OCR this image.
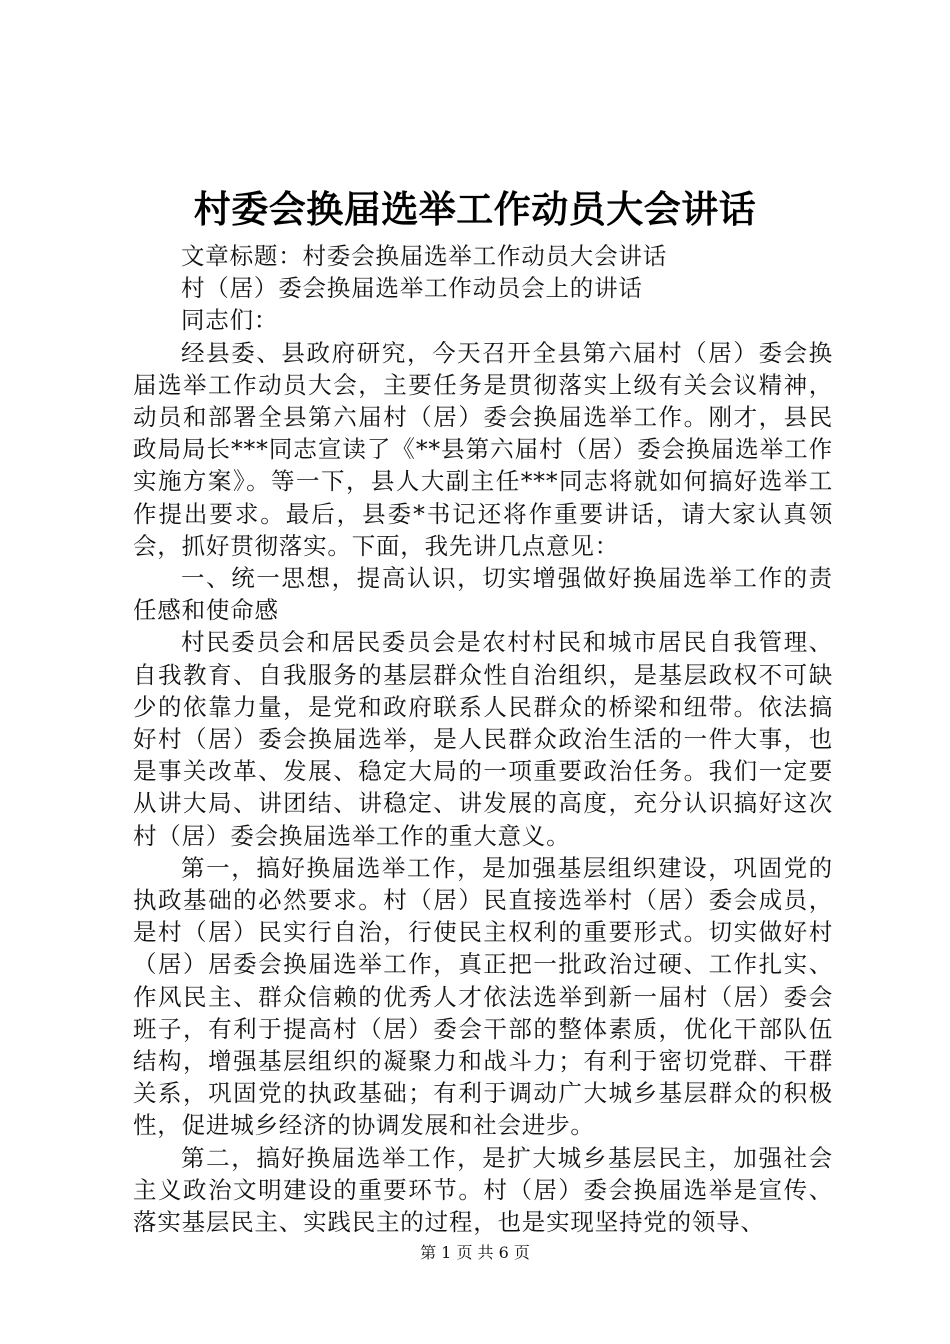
村委会换届选举工作动员大会讲话

文章标题：村委会换届选举工作动员大会讲话

村（居）委会换届选举工作动员会上的讲话

同志们：

经县委、县政府研究，今天召开全县第六届村（居）委会换届选举工作动员大会，主要任务是贯彻落实上级有关会议精神，动员和部署全县第六届村（居）委会换届选举工作。刚才，县民政局局长***同志宣读了《**县第六届村（居）委会换届选举工作实施方案》。等一下，县人大副主任***同志将就如何搞好选举工作提出要求。最后，县委*书记还将作重要讲话，请大家认真领会，抓好贯彻落实。下面，我先讲几点意见：

一、统一思想，提高认识，切实增强做好换届选举工作的责任感和使命感

村民委员会和居民委员会是农村村民和城市居民自我管理、自我教育、自我服务的基层群众性自治组织，是基层政权不可缺少的依靠力量，是党和政府联系人民群众的桥梁和纽带。依法搞好村（居）委会换届选举，是人民群众政治生活的一件大事，也是事关改革、发展、稳定大局的一项重要政治任务。我们一定要从讲大局、讲团结、讲稳定、讲发展的高度，充分认识搞好这次村（居）委会换届选举工作的重大意义。

第一，搞好换届选举工作，是加强基层组织建设，巩固党的执政基础的必然要求。村（居）民直接选举村（居）委会成员，是村（居）民实行自治，行使民主权利的重要形式。切实做好村（居）居委会换届选举工作，真正把一批政治过硬、工作扎实、作风民主、群众信赖的优秀人才依法选举到新一届村（居）委会班子，有利于提高村（居）委会干部的整体素质，优化干部队伍结构，增强基层组织的凝聚力和战斗力；有利于密切党群、干群关系，巩固党的执政基础；有利于调动广大城乡基层群众的积极性，促进城乡经济的协调发展和社会进步。

第二，搞好换届选举工作，是扩大城乡基层民主，加强社会主义政治文明建设的重要环节。村（居）委会换届选举是宣传、落实基层民主、实践民主的过程，也是实现坚持党的领导、

第 1 页 共 6 页
